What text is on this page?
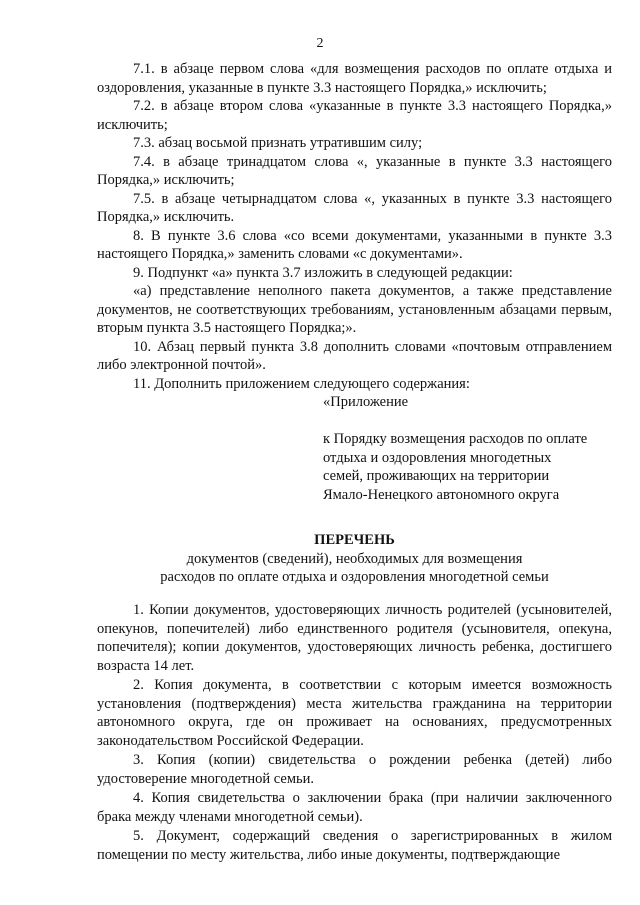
2

7.1. в абзаце первом слова «для возмещения расходов по оплате отдыха и оздоровления, указанные в пункте 3.3 настоящего Порядка,» исключить;

7.2. в абзаце втором слова «указанные в пункте 3.3 настоящего Порядка,» исключить;

7.3. абзац восьмой признать утратившим силу;

7.4. в абзаце тринадцатом слова «, указанные в пункте 3.3 настоящего Порядка,» исключить;

7.5. в абзаце четырнадцатом слова «, указанных в пункте 3.3 настоящего Порядка,» исключить.

8. В пункте 3.6 слова «со всеми документами, указанными в пункте 3.3 настоящего Порядка,» заменить словами «с документами».

9. Подпункт «а» пункта 3.7 изложить в следующей редакции:

«а) представление неполного пакета документов, а также представление документов, не соответствующих требованиям, установленным абзацами первым, вторым пункта 3.5 настоящего Порядка;».

10. Абзац первый пункта 3.8 дополнить словами «почтовым отправлением либо электронной почтой».

11. Дополнить приложением следующего содержания:

«Приложение
к Порядку возмещения расходов по оплате
отдыха и оздоровления многодетных
семей, проживающих на территории
Ямало-Ненецкого автономного округа
ПЕРЕЧЕНЬ
документов (сведений), необходимых для возмещения
расходов по оплате отдыха и оздоровления многодетной семьи

1. Копии документов, удостоверяющих личность родителей (усыновителей, опекунов, попечителей) либо единственного родителя (усыновителя, опекуна, попечителя); копии документов, удостоверяющих личность ребенка, достигшего возраста 14 лет.

2. Копия документа, в соответствии с которым имеется возможность установления (подтверждения) места жительства гражданина на территории автономного округа, где он проживает на основаниях, предусмотренных законодательством Российской Федерации.

3. Копия (копии) свидетельства о рождении ребенка (детей) либо удостоверение многодетной семьи.

4. Копия свидетельства о заключении брака (при наличии заключенного брака между членами многодетной семьи).

5. Документ, содержащий сведения о зарегистрированных в жилом помещении по месту жительства, либо иные документы, подтверждающие
